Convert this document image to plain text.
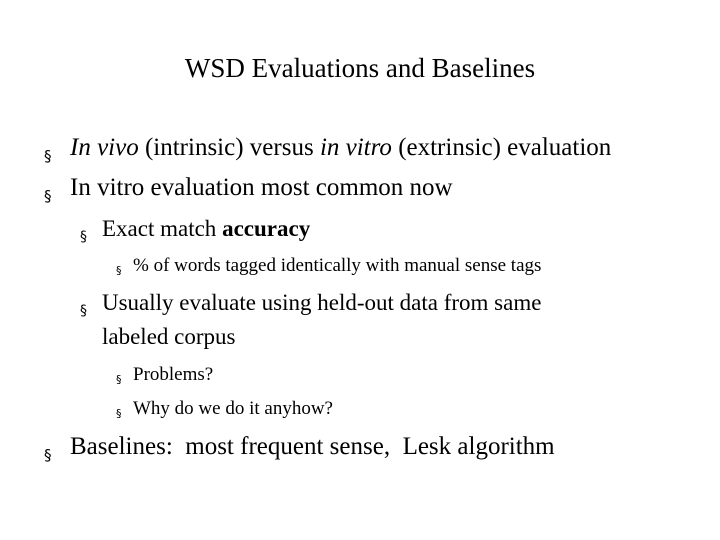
WSD Evaluations and Baselines
§ In vivo (intrinsic) versus in vitro (extrinsic) evaluation
§ In vitro evaluation most common now
§ Exact match accuracy
§ % of words tagged identically with manual sense tags
§ Usually evaluate using held-out data from same
labeled corpus
§ Problems?
§ Why do we do it anyhow?
§ Baselines:  most frequent sense,  Lesk algorithm
